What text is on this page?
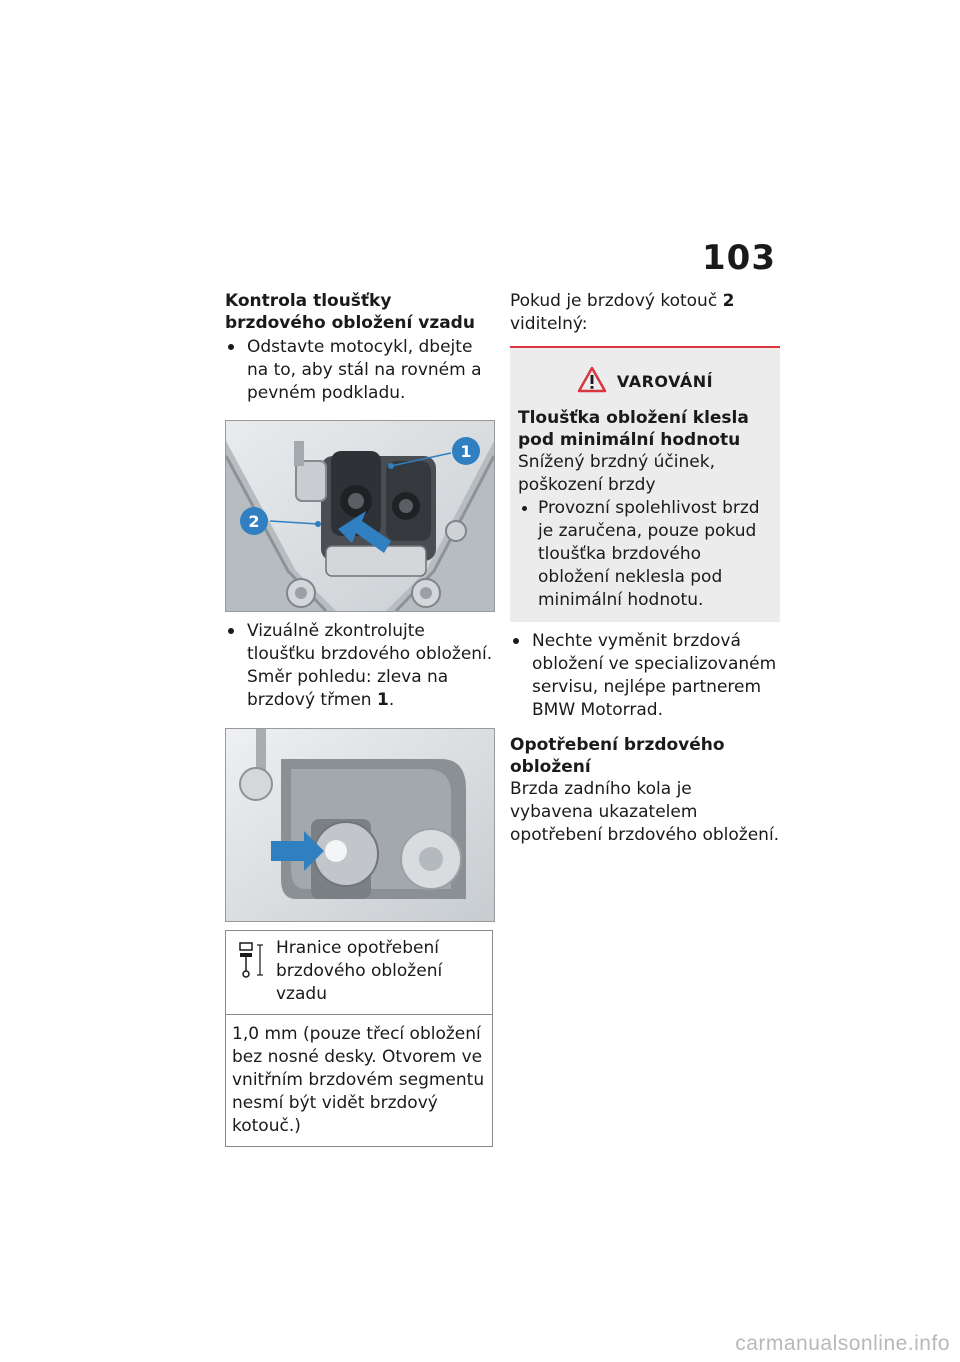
103

Kontrola tloušťky brzdového obložení vzadu

Odstavte motocykl, dbejte na to, aby stál na rovném a pevném podkladu.

1
2

Vizuálně zkontrolujte tloušťku brzdového obložení. Směr pohledu: zleva na brzdový třmen 1.

Hranice opotřebení brzdového obložení vzadu
1,0 mm (pouze třecí obložení bez nosné desky. Otvorem ve vnitřním brzdovém segmentu nesmí být vidět brzdový kotouč.)

Pokud je brzdový kotouč 2 viditelný:

VAROVÁNÍ

Tloušťka obložení klesla pod minimální hodnotu

Snížený brzdný účinek, poškození brzdy

Provozní spolehlivost brzd je zaručena, pouze pokud tloušťka brzdového obložení neklesla pod minimální hodnotu.

Nechte vyměnit brzdová obložení ve specializovaném servisu, nejlépe partnerem BMW Motorrad.

Opotřebení brzdového obložení

Brzda zadního kola je vybavena ukazatelem opotřebení brzdového obložení.

carmanualsonline.info
